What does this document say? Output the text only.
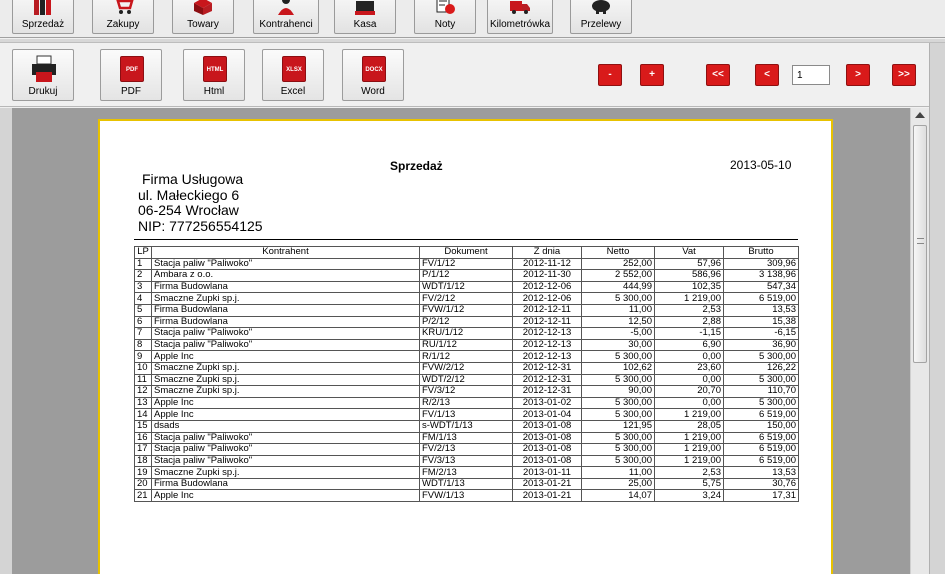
Sprzedaż	Zakupy	Towary	Kontrahenci	Kasa	Noty	Kilometrówka	Przelewy
Drukuj
PDF
PDF
HTML
Html
XLSX
Excel
DOCX
Word
-	+	<<	<
1	>	>>
Sprzedaż	2013-05-10
Firma Usługowa
ul. Małeckiego 6
06-254 Wrocław
NIP: 777256554125
LP	Kontrahent	Dokument	Z dnia	Netto	Vat	Brutto
1	Stacja paliw "Paliwoko"	FV/1/12	2012-11-12	252,00	57,96	309,96
2	Ambara z o.o.	P/1/12	2012-11-30	2 552,00	586,96	3 138,96
3	Firma Budowlana	WDT/1/12	2012-12-06	444,99	102,35	547,34
4	Smaczne Zupki sp.j.	FV/2/12	2012-12-06	5 300,00	1 219,00	6 519,00
5	Firma Budowlana	FVW/1/12	2012-12-11	11,00	2,53	13,53
6	Firma Budowlana	P/2/12	2012-12-11	12,50	2,88	15,38
7	Stacja paliw "Paliwoko"	KRU/1/12	2012-12-13	-5,00	-1,15	-6,15
8	Stacja paliw "Paliwoko"	RU/1/12	2012-12-13	30,00	6,90	36,90
9	Apple Inc	R/1/12	2012-12-13	5 300,00	0,00	5 300,00
10	Smaczne Zupki sp.j.	FVW/2/12	2012-12-31	102,62	23,60	126,22
11	Smaczne Zupki sp.j.	WDT/2/12	2012-12-31	5 300,00	0,00	5 300,00
12	Smaczne Zupki sp.j.	FV/3/12	2012-12-31	90,00	20,70	110,70
13	Apple Inc	R/2/13	2013-01-02	5 300,00	0,00	5 300,00
14	Apple Inc	FV/1/13	2013-01-04	5 300,00	1 219,00	6 519,00
15	dsads	s-WDT/1/13	2013-01-08	121,95	28,05	150,00
16	Stacja paliw "Paliwoko"	FM/1/13	2013-01-08	5 300,00	1 219,00	6 519,00
17	Stacja paliw "Paliwoko"	FV/2/13	2013-01-08	5 300,00	1 219,00	6 519,00
18	Stacja paliw "Paliwoko"	FV/3/13	2013-01-08	5 300,00	1 219,00	6 519,00
19	Smaczne Zupki sp.j.	FM/2/13	2013-01-11	11,00	2,53	13,53
20	Firma Budowlana	WDT/1/13	2013-01-21	25,00	5,75	30,76
21	Apple Inc	FVW/1/13	2013-01-21	14,07	3,24	17,31
